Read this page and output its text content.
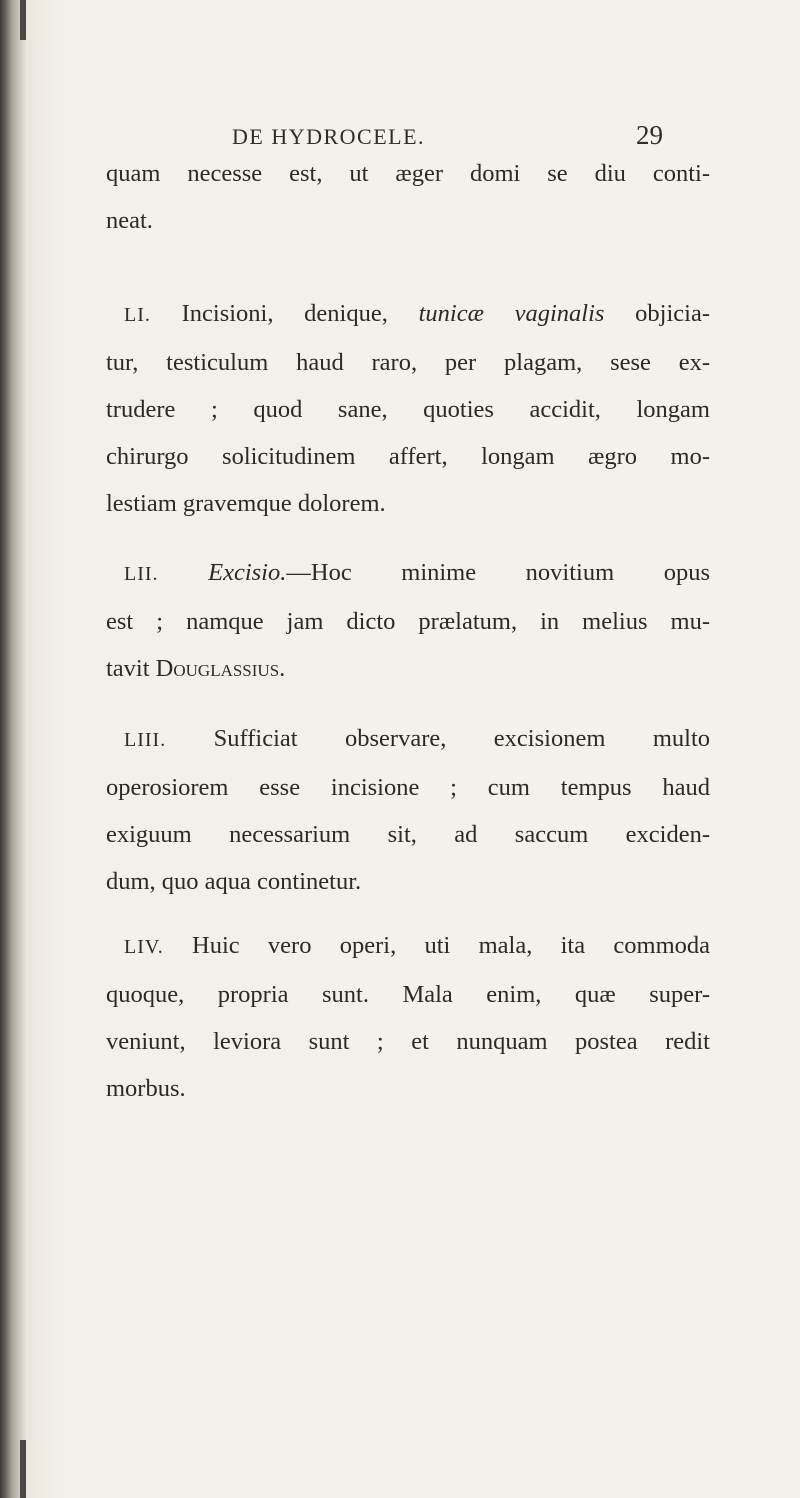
DE HYDROCELE.	29
quam necesse est, ut æger domi se diu conti-
neat.
LI. Incisioni, denique, tunicæ vaginalis objicia-
tur, testiculum haud raro, per plagam, sese ex-
trudere ; quod sane, quoties accidit, longam
chirurgo solicitudinem affert, longam ægro mo-
lestiam gravemque dolorem.
LII. Excisio.—Hoc minime novitium opus
est ; namque jam dicto prælatum, in melius mu-
tavit Douglassius.
LIII. Sufficiat observare, excisionem multo
operosiorem esse incisione ; cum tempus haud
exiguum necessarium sit, ad saccum exciden-
dum, quo aqua continetur.
LIV. Huic vero operi, uti mala, ita commoda
quoque, propria sunt. Mala enim, quæ super-
veniunt, leviora sunt ; et nunquam postea redit
morbus.
